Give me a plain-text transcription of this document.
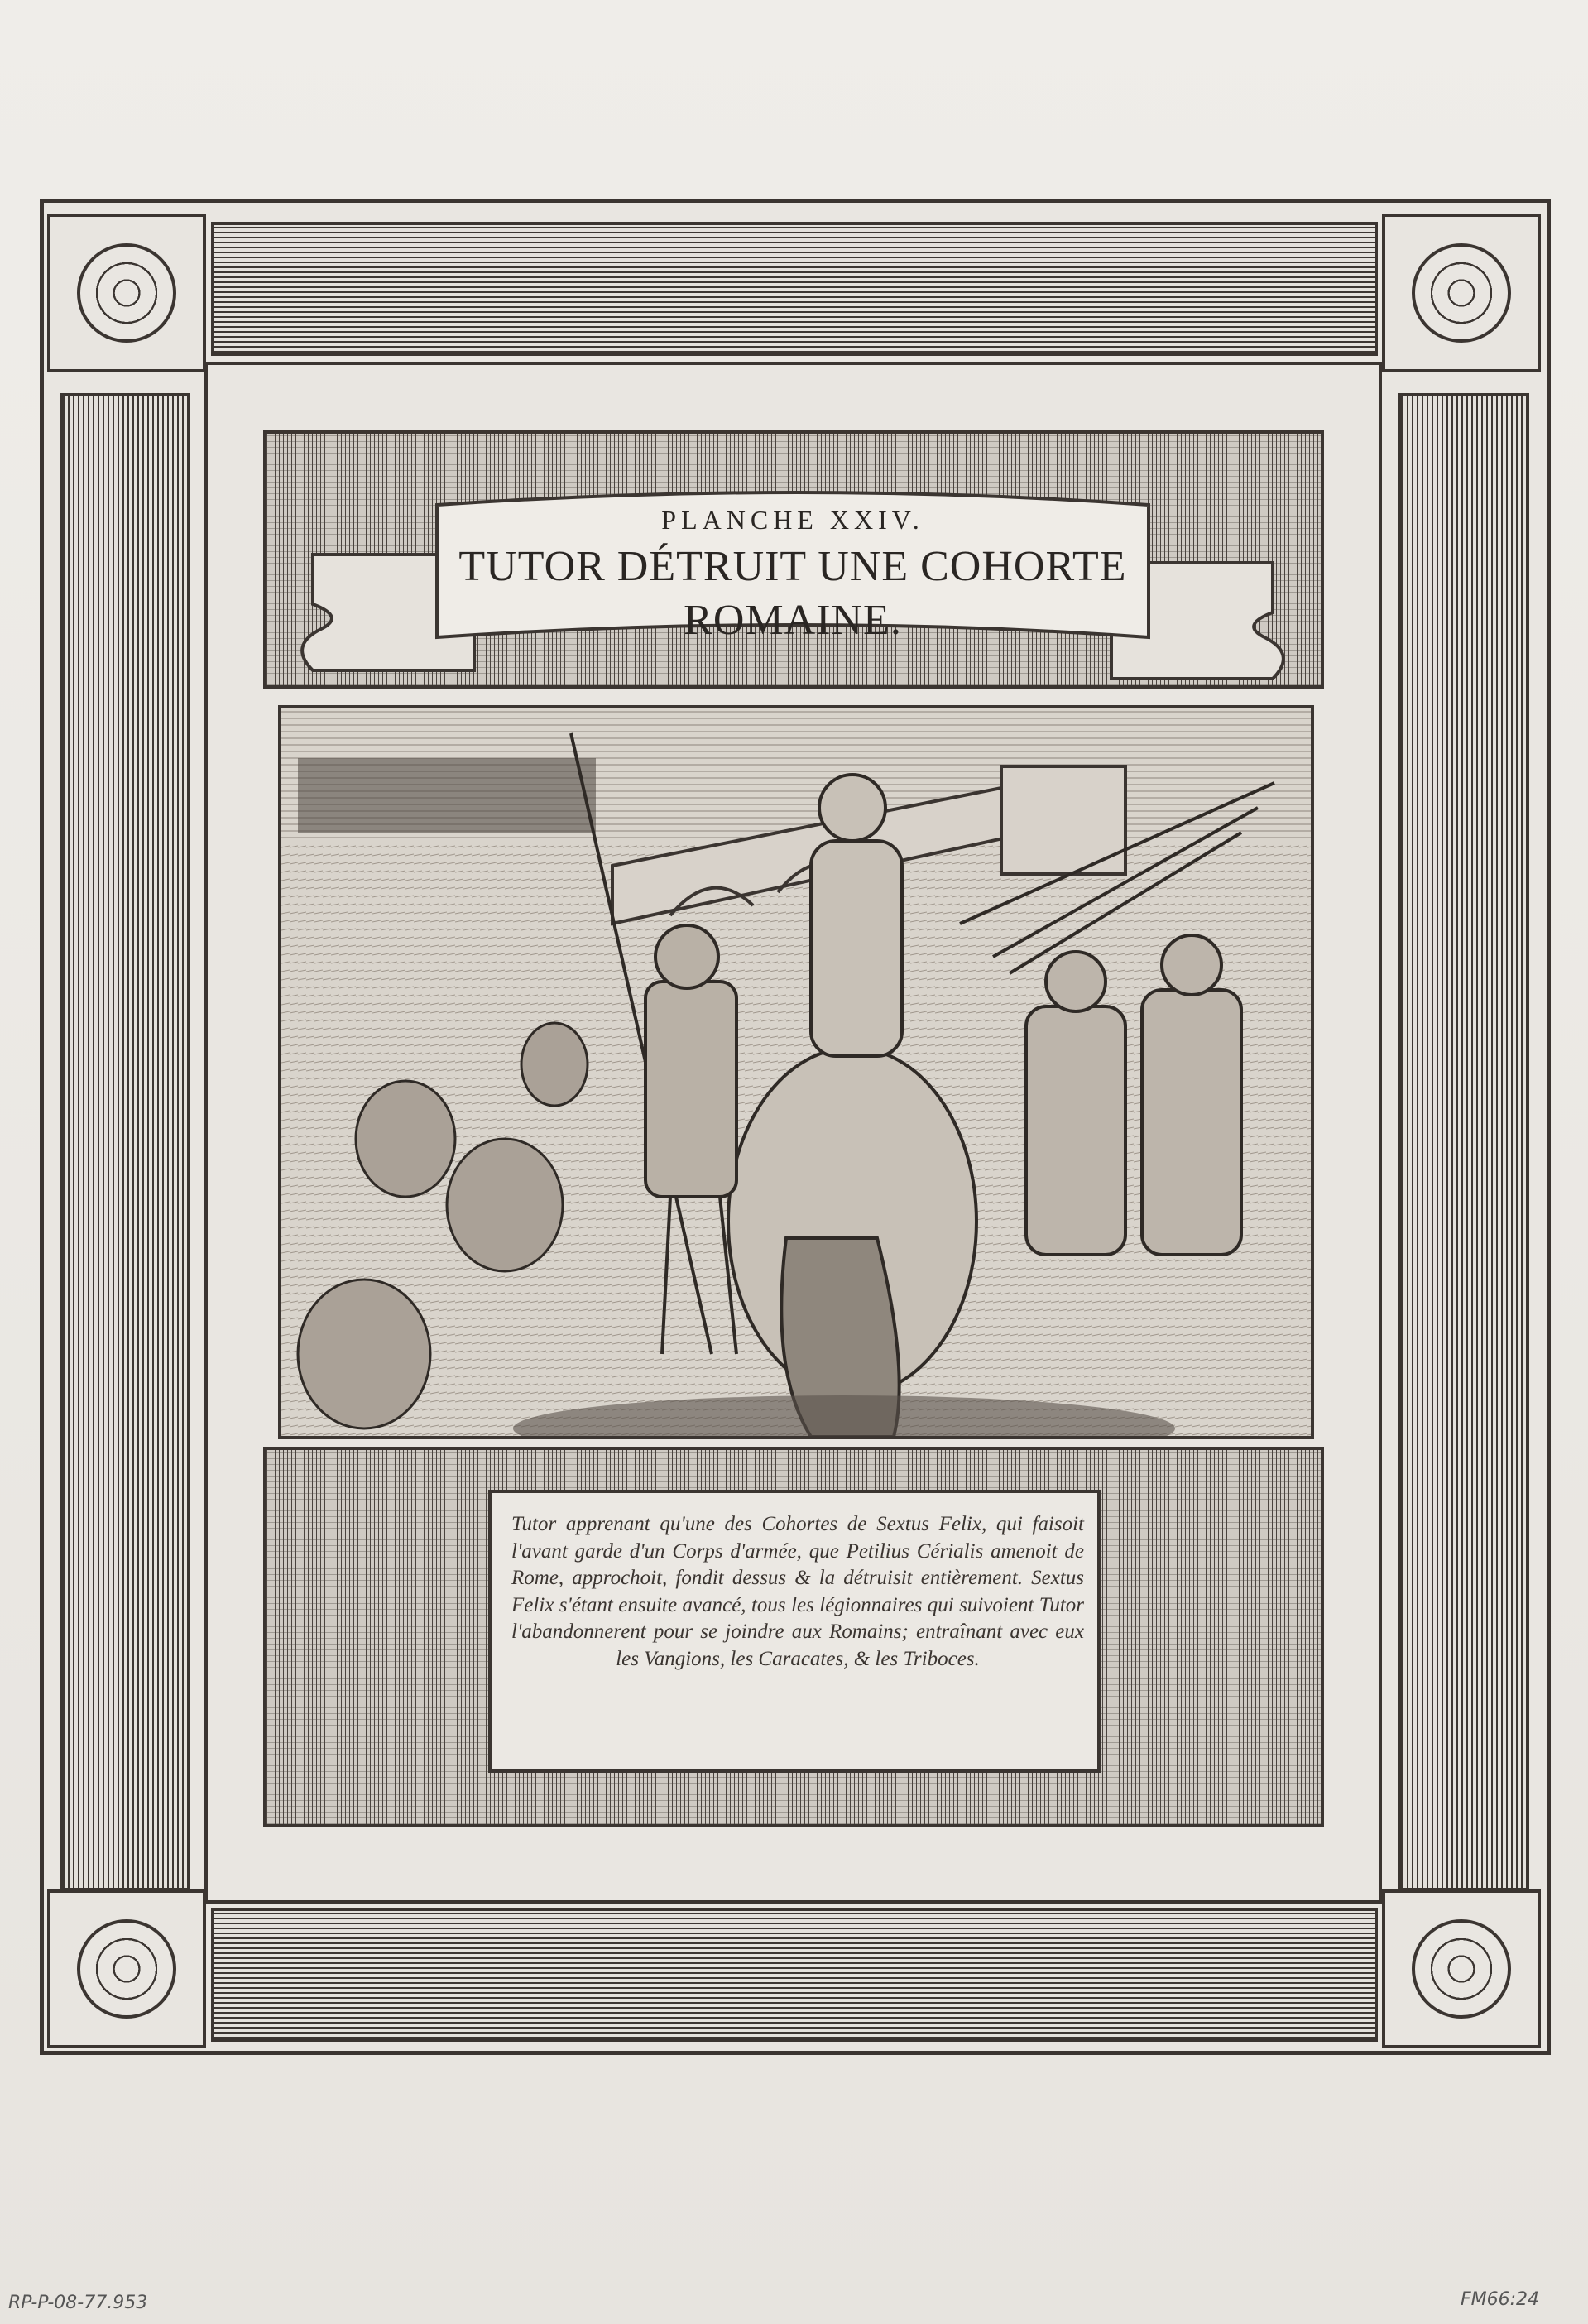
PLANCHE XXIV.
TUTOR DÉTRUIT UNE COHORTE
ROMAINE.
Tutor apprenant qu'une des Cohortes de Sextus Felix, qui faisoit l'avant garde d'un Corps d'armée, que Petilius Cérialis amenoit de Rome, approchoit, fondit dessus & la détruisit entièrement. Sextus Felix s'étant ensuite avancé, tous les légionnaires qui suivoient Tutor l'abandonnerent pour se joindre aux Romains; entraînant avec eux les Vangions, les Caracates, & les Triboces.
RP-P-08-77.953	FM66:24
